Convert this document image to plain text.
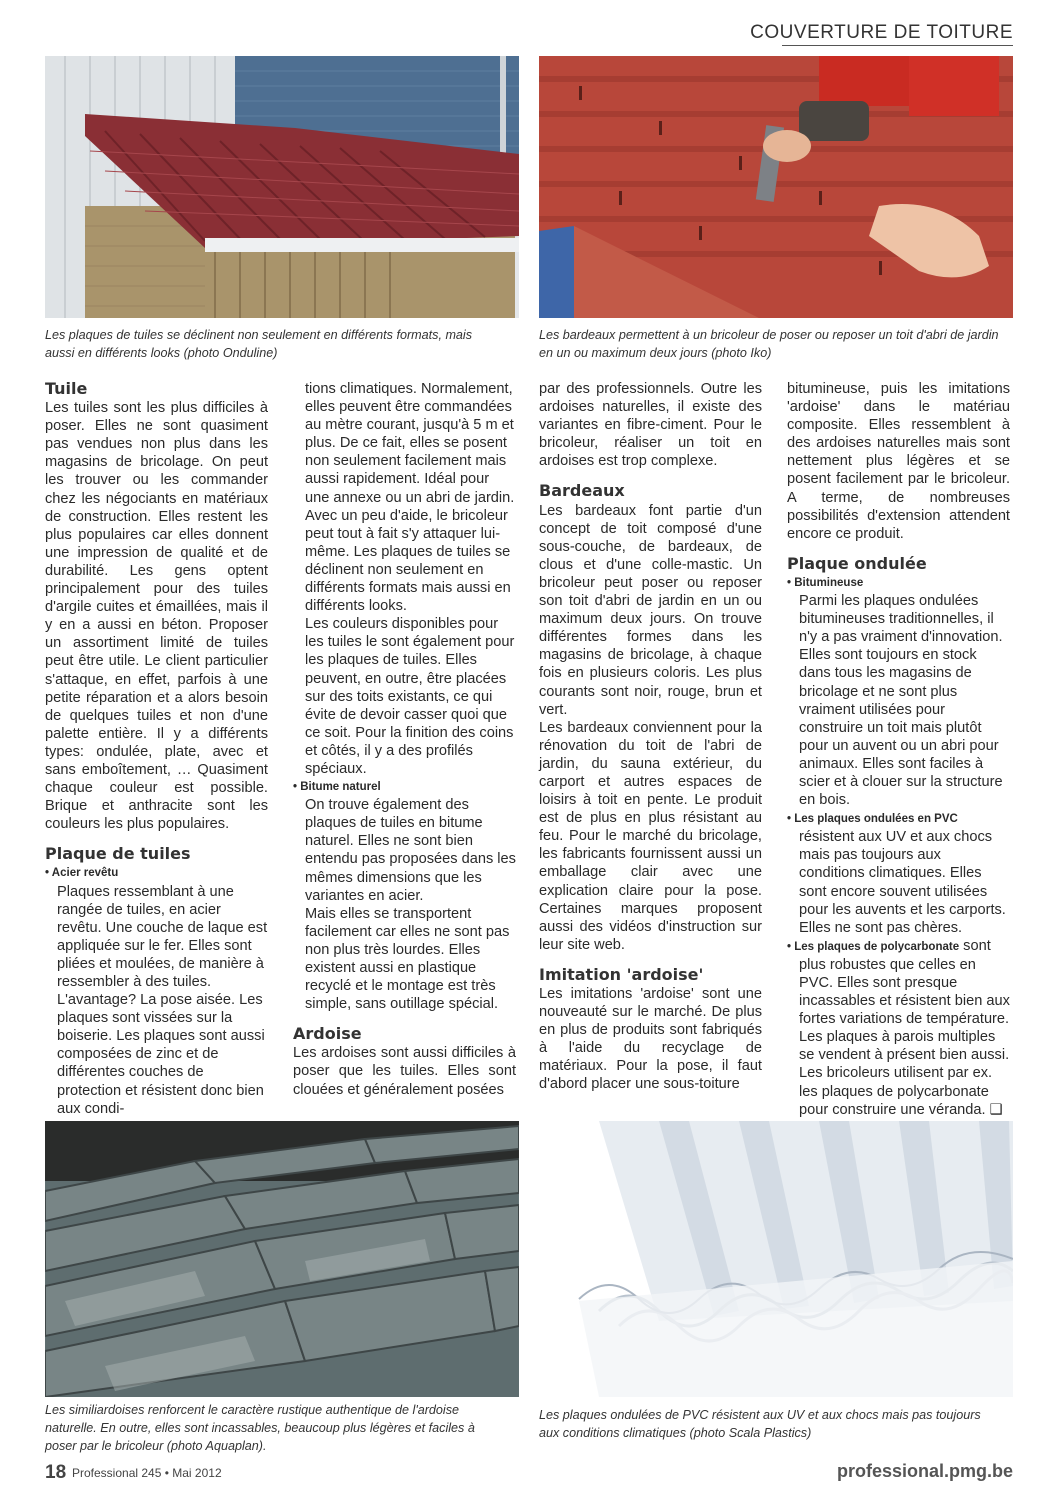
COUVERTURE DE TOITURE
Les plaques de tuiles se déclinent non seulement en différents formats, mais aussi en différents looks (photo Onduline)
Les bardeaux permettent à un bricoleur de poser ou reposer un toit d'abri de jardin en un ou maximum deux jours (photo Iko)
Tuile

Les tuiles sont les plus difficiles à poser. Elles ne sont quasiment pas vendues non plus dans les magasins de bricolage. On peut les trouver ou les commander chez les négociants en matériaux de construction. Elles restent les plus populaires car elles donnent une impression de qualité et de durabilité. Les gens optent principalement pour des tuiles d'argile cuites et émaillées, mais il y en a aussi en béton. Proposer un assortiment limité de tuiles peut être utile. Le client particulier s'attaque, en effet, parfois à une petite réparation et a alors besoin de quelques tuiles et non d'une palette entière. Il y a différents types: ondulée, plate, avec et sans emboîtement, … Quasiment chaque couleur est possible. Brique et anthracite sont les couleurs les plus populaires.

Plaque de tuiles

• Acier revêtu

Plaques ressemblant à une rangée de tuiles, en acier revêtu. Une couche de laque est appliquée sur le fer. Elles sont pliées et moulées, de manière à ressembler à des tuiles. L'avantage? La pose aisée. Les plaques sont vissées sur la boiserie. Les plaques sont aussi composées de zinc et de différentes couches de protection et résistent donc bien aux condi-

tions climatiques. Normalement, elles peuvent être commandées au mètre courant, jusqu'à 5 m et plus. De ce fait, elles se posent non seulement facilement mais aussi rapidement. Idéal pour une annexe ou un abri de jardin. Avec un peu d'aide, le bricoleur peut tout à fait s'y attaquer lui-même. Les plaques de tuiles se déclinent non seulement en différents formats mais aussi en différents looks.

Les couleurs disponibles pour les tuiles le sont également pour les plaques de tuiles. Elles peuvent, en outre, être placées sur des toits existants, ce qui évite de devoir casser quoi que ce soit. Pour la finition des coins et côtés, il y a des profilés spéciaux.

• Bitume naturel

On trouve également des plaques de tuiles en bitume naturel. Elles ne sont bien entendu pas proposées dans les mêmes dimensions que les variantes en acier.

Mais elles se transportent facilement car elles ne sont pas non plus très lourdes. Elles existent aussi en plastique recyclé et le montage est très simple, sans outillage spécial.

Ardoise

Les ardoises sont aussi difficiles à poser que les tuiles. Elles sont clouées et généralement posées

par des professionnels. Outre les ardoises naturelles, il existe des variantes en fibre-ciment. Pour le bricoleur, réaliser un toit en ardoises est trop complexe.

Bardeaux

Les bardeaux font partie d'un concept de toit composé d'une sous-couche, de bardeaux, de clous et d'une colle-mastic. Un bricoleur peut poser ou reposer son toit d'abri de jardin en un ou maximum deux jours. On trouve différentes formes dans les magasins de bricolage, à chaque fois en plusieurs coloris. Les plus courants sont noir, rouge, brun et vert.

Les bardeaux conviennent pour la rénovation du toit de l'abri de jardin, du sauna extérieur, du carport et autres espaces de loisirs à toit en pente. Le produit est de plus en plus résistant au feu. Pour le marché du bricolage, les fabricants fournissent aussi un emballage clair avec une explication claire pour la pose. Certaines marques proposent aussi des vidéos d'instruction sur leur site web.

Imitation 'ardoise'

Les imitations 'ardoise' sont une nouveauté sur le marché. De plus en plus de produits sont fabriqués à l'aide du recyclage de matériaux. Pour la pose, il faut d'abord placer une sous-toiture

bitumineuse, puis les imitations 'ardoise' dans le matériau composite. Elles ressemblent à des ardoises naturelles mais sont nettement plus légères et se posent facilement par le bricoleur. A terme, de nombreuses possibilités d'extension attendent encore ce produit.

Plaque ondulée

• Bitumineuse

Parmi les plaques ondulées bitumineuses traditionnelles, il n'y a pas vraiment d'innovation. Elles sont toujours en stock dans tous les magasins de bricolage et ne sont plus vraiment utilisées pour construire un toit mais plutôt pour un auvent ou un abri pour animaux. Elles sont faciles à scier et à clouer sur la structure en bois.

• Les plaques ondulées en PVC

résistent aux UV et aux chocs mais pas toujours aux conditions climatiques. Elles sont encore souvent utilisées pour les auvents et les carports. Elles ne sont pas chères.

• Les plaques de polycarbonate sont

plus robustes que celles en PVC. Elles sont presque incassables et résistent bien aux fortes variations de température.

Les plaques à parois multiples se vendent à présent bien aussi. Les bricoleurs utilisent par ex. les plaques de polycarbonate pour construire une véranda. ❑

Les similiardoises renforcent le caractère rustique authentique de l'ardoise naturelle. En outre, elles sont incassables, beaucoup plus légères et faciles à poser par le bricoleur (photo Aquaplan).
Les plaques ondulées de PVC résistent aux UV et aux chocs mais pas toujours aux conditions climatiques (photo Scala Plastics)
18 Professional 245 • Mai 2012	professional.pmg.be
